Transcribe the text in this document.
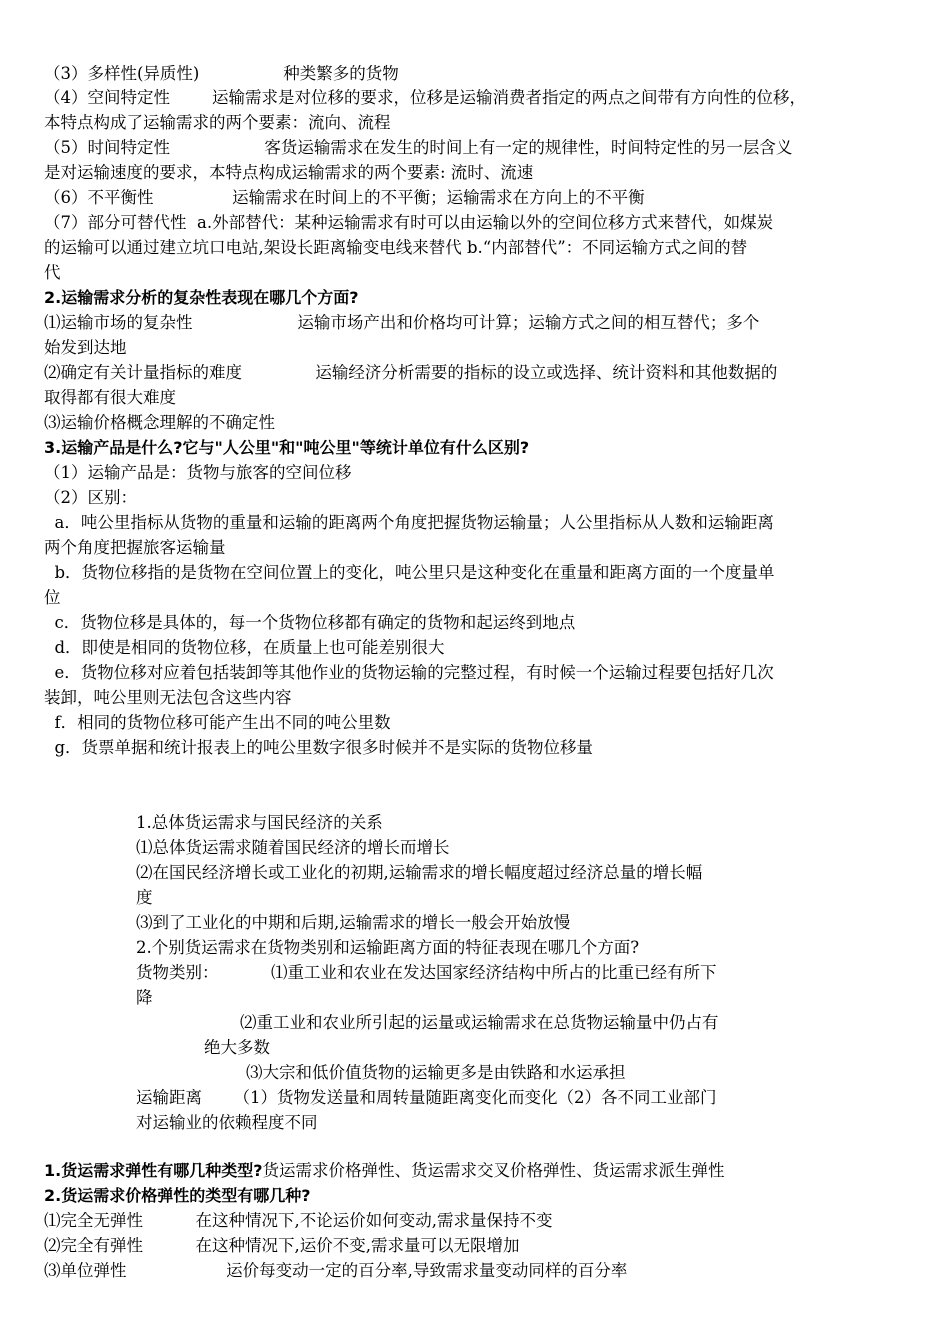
（3）多样性(异质性)                种类繁多的货物
（4）空间特定性        运输需求是对位移的要求，位移是运输消费者指定的两点之间带有方向性的位移，
本特点构成了运输需求的两个要素：流向、流程
（5）时间特定性                  客货运输需求在发生的时间上有一定的规律性，时间特定性的另一层含义
是对运输速度的要求，本特点构成运输需求的两个要素: 流时、流速
（6）不平衡性               运输需求在时间上的不平衡；运输需求在方向上的不平衡
（7）部分可替代性  a.外部替代：某种运输需求有时可以由运输以外的空间位移方式来替代，如煤炭
的运输可以通过建立坑口电站,架设长距离输变电线来替代 b.“内部替代”：不同运输方式之间的替
代
2.运输需求分析的复杂性表现在哪几个方面?
⑴运输市场的复杂性                    运输市场产出和价格均可计算；运输方式之间的相互替代；多个
始发到达地
⑵确定有关计量指标的难度              运输经济分析需要的指标的设立或选择、统计资料和其他数据的
取得都有很大难度
⑶运输价格概念理解的不确定性
3.运输产品是什么?它与"人公里"和"吨公里"等统计单位有什么区别?
（1）运输产品是：货物与旅客的空间位移
（2）区别：
a．吨公里指标从货物的重量和运输的距离两个角度把握货物运输量；人公里指标从人数和运输距离
两个角度把握旅客运输量
b．货物位移指的是货物在空间位置上的变化，吨公里只是这种变化在重量和距离方面的一个度量单
位
c．货物位移是具体的，每一个货物位移都有确定的货物和起运终到地点
d．即使是相同的货物位移，在质量上也可能差别很大
e．货物位移对应着包括装卸等其他作业的货物运输的完整过程，有时候一个运输过程要包括好几次
装卸，吨公里则无法包含这些内容
f．相同的货物位移可能产生出不同的吨公里数
g．货票单据和统计报表上的吨公里数字很多时候并不是实际的货物位移量
1.总体货运需求与国民经济的关系
⑴总体货运需求随着国民经济的增长而增长
⑵在国民经济增长或工业化的初期,运输需求的增长幅度超过经济总量的增长幅
度
⑶到了工业化的中期和后期,运输需求的增长一般会开始放慢
2.个别货运需求在货物类别和运输距离方面的特征表现在哪几个方面?
货物类别：          ⑴重工业和农业在发达国家经济结构中所占的比重已经有所下
降
⑵重工业和农业所引起的运量或运输需求在总货物运输量中仍占有
绝大多数
⑶大宗和低价值货物的运输更多是由铁路和水运承担
运输距离      （1）货物发送量和周转量随距离变化而变化（2）各不同工业部门
对运输业的依赖程度不同
1.货运需求弹性有哪几种类型?货运需求价格弹性、货运需求交叉价格弹性、货运需求派生弹性
2.货运需求价格弹性的类型有哪几种?
⑴完全无弹性          在这种情况下,不论运价如何变动,需求量保持不变
⑵完全有弹性          在这种情况下,运价不变,需求量可以无限增加
⑶单位弹性                   运价每变动一定的百分率,导致需求量变动同样的百分率
